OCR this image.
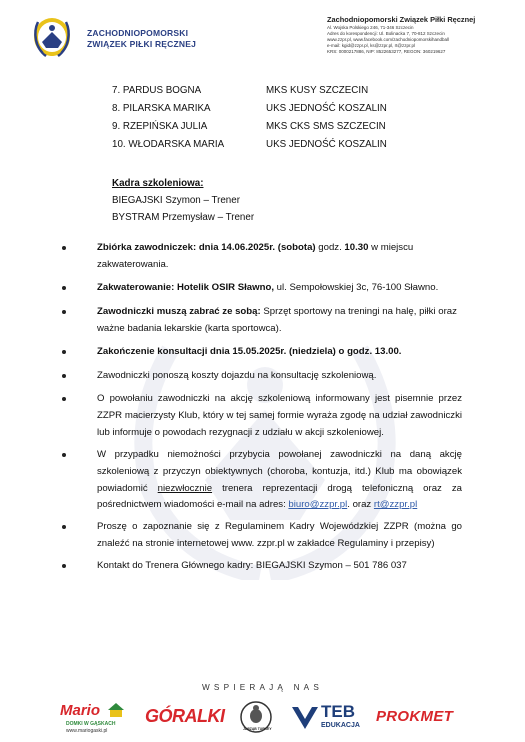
ZACHODNIOPOMORSKI
ZWIĄZEK PIŁKI RĘCZNEJ
Zachodniopomorski Związek Piłki Ręcznej
Al. Wojska Polskiego 246, 71-346 Szczecin
Adres do korespondencji: Ul. Bolinacka 7, 70-812 Szczecin
www.zzpr.pl, www.facebook.com/zachodniopomorskihandball
e-mail: kgid@zzpr.pl, ks@zzpr.pl, rt@zzpr.pl
KRS: 0000217886, NIP: 8522653277, REGON: 360219627
7. PARDUS BOGNA	MKS KUSY SZCZECIN
8. PILARSKA MARIKA	UKS JEDNOŚĆ KOSZALIN
9. RZEPIŃSKA JULIA	MKS CKS SMS SZCZECIN
10. WŁODARSKA MARIA	UKS JEDNOŚĆ KOSZALIN
Kadra szkoleniowa:
BIEGAJSKI Szymon – Trener
BYSTRAM Przemysław – Trener
Zbiórka zawodniczek: dnia 14.06.2025r. (sobota) godz. 10.30 w miejscu zakwaterowania.
Zakwaterowanie: Hotelik OSIR Sławno, ul. Sempołowskiej 3c, 76-100 Sławno.
Zawodniczki muszą zabrać ze sobą: Sprzęt sportowy na treningi na halę, piłki oraz ważne badania lekarskie (karta sportowca).
Zakończenie konsultacji dnia 15.05.2025r. (niedziela) o godz. 13.00.
Zawodniczki ponoszą koszty dojazdu na konsultację szkoleniową.
O powołaniu zawodniczki na akcję szkoleniową informowany jest pisemnie przez ZZPR macierzysty Klub, który w tej samej formie wyraża zgodę na udział zawodniczki lub informuje o powodach rezygnacji z udziału w akcji szkoleniowej.
W przypadku niemożności przybycia powołanej zawodniczki na daną akcję szkoleniową z przyczyn obiektywnych (choroba, kontuzja, itd.) Klub ma obowiązek powiadomić niezwłocznie trenera reprezentacji drogą telefoniczną oraz za pośrednictwem wiadomości e-mail na adres: biuro@zzpr.pl. oraz rt@zzpr.pl
Proszę o zapoznanie się z Regulaminem Kadry Wojewódzkiej ZZPR (można go znaleźć na stronie internetowej www. zzpr.pl w zakładce Regulaminy i przepisy)
Kontakt do Trenera Głównego kadry: BIEGAJSKI Szymon – 501 786 037
WSPIERAJĄ NAS
Mario
DOMKI W GĄSKACH
www.mariogaski.pl
GÓRALKI
JARZĄB TURKEY
TEB
EDUKACJA
PROKMET
